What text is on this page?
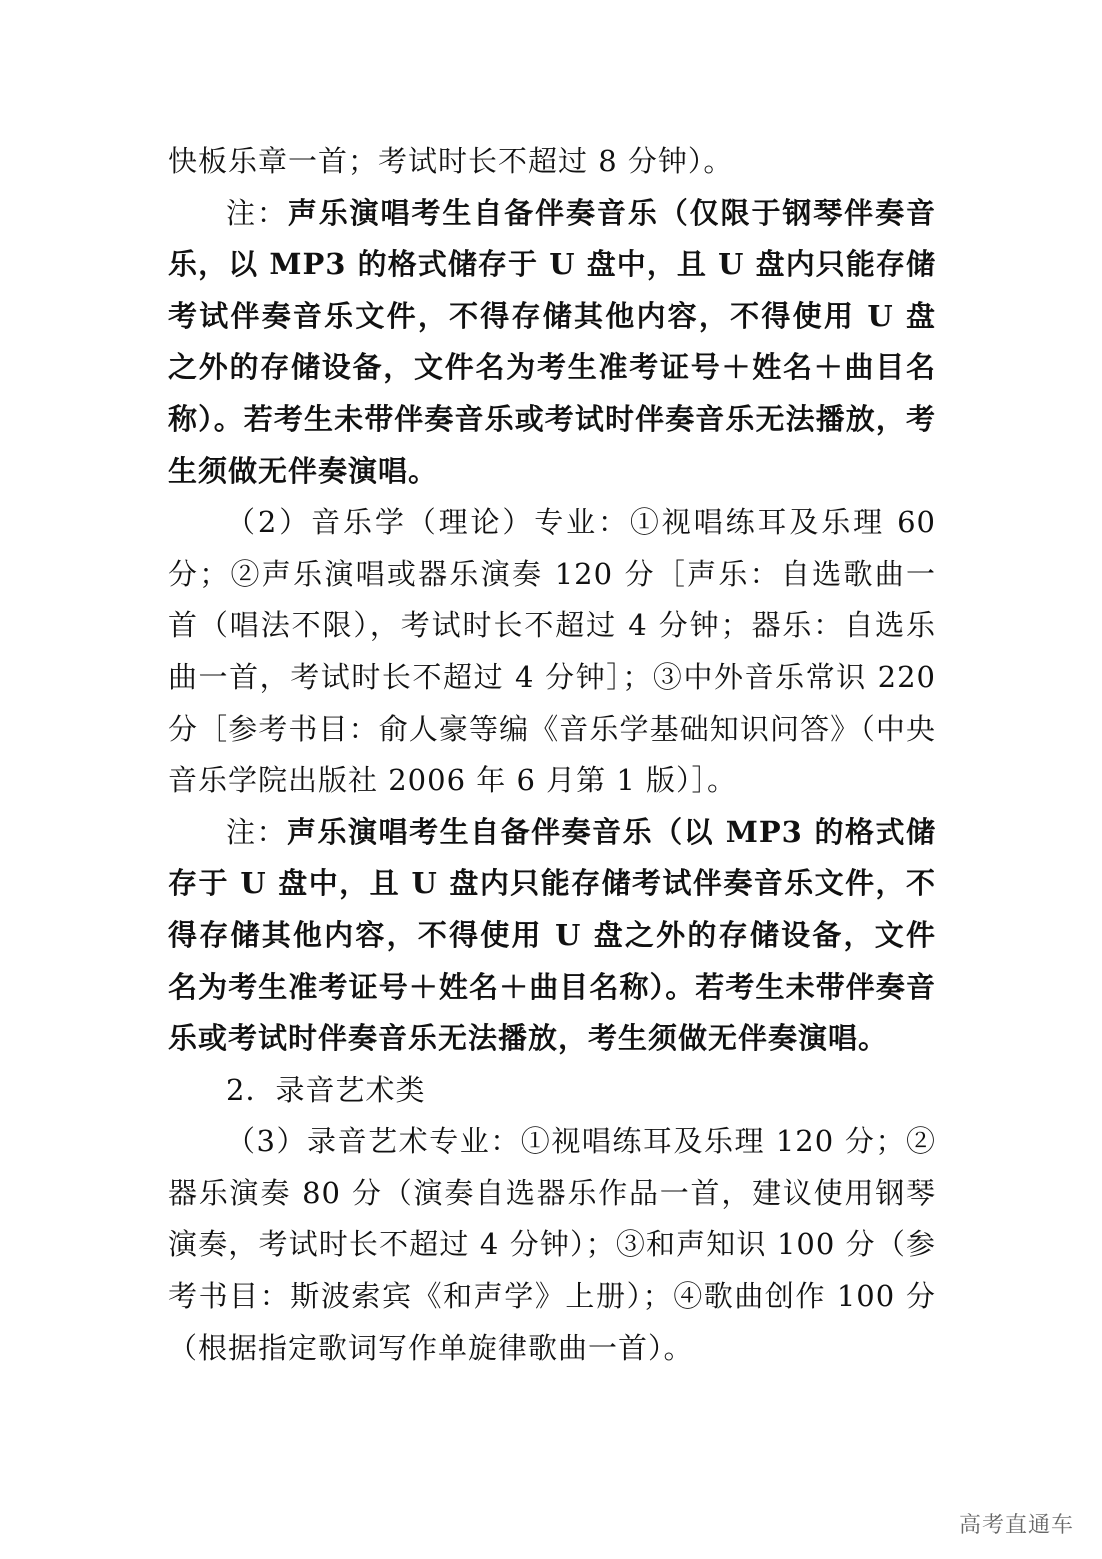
快板乐章一首；考试时长不超过 8 分钟）。

注：声乐演唱考生自备伴奏音乐（仅限于钢琴伴奏音乐，以 MP3 的格式储存于 U 盘中，且 U 盘内只能存储考试伴奏音乐文件，不得存储其他内容，不得使用 U 盘之外的存储设备，文件名为考生准考证号＋姓名＋曲目名称）。若考生未带伴奏音乐或考试时伴奏音乐无法播放，考生须做无伴奏演唱。

（2）音乐学（理论）专业：①视唱练耳及乐理 60 分；②声乐演唱或器乐演奏 120 分［声乐：自选歌曲一首（唱法不限），考试时长不超过 4 分钟；器乐：自选乐曲一首，考试时长不超过 4 分钟］；③中外音乐常识 220 分［参考书目：俞人豪等编《音乐学基础知识问答》（中央音乐学院出版社 2006 年 6 月第 1 版）］。

注：声乐演唱考生自备伴奏音乐（以 MP3 的格式储存于 U 盘中，且 U 盘内只能存储考试伴奏音乐文件，不得存储其他内容，不得使用 U 盘之外的存储设备，文件名为考生准考证号＋姓名＋曲目名称）。若考生未带伴奏音乐或考试时伴奏音乐无法播放，考生须做无伴奏演唱。

2．录音艺术类

（3）录音艺术专业：①视唱练耳及乐理 120 分；②器乐演奏 80 分（演奏自选器乐作品一首，建议使用钢琴演奏，考试时长不超过 4 分钟）；③和声知识 100 分（参考书目：斯波索宾《和声学》上册）；④歌曲创作 100 分（根据指定歌词写作单旋律歌曲一首）。

高考直通车
